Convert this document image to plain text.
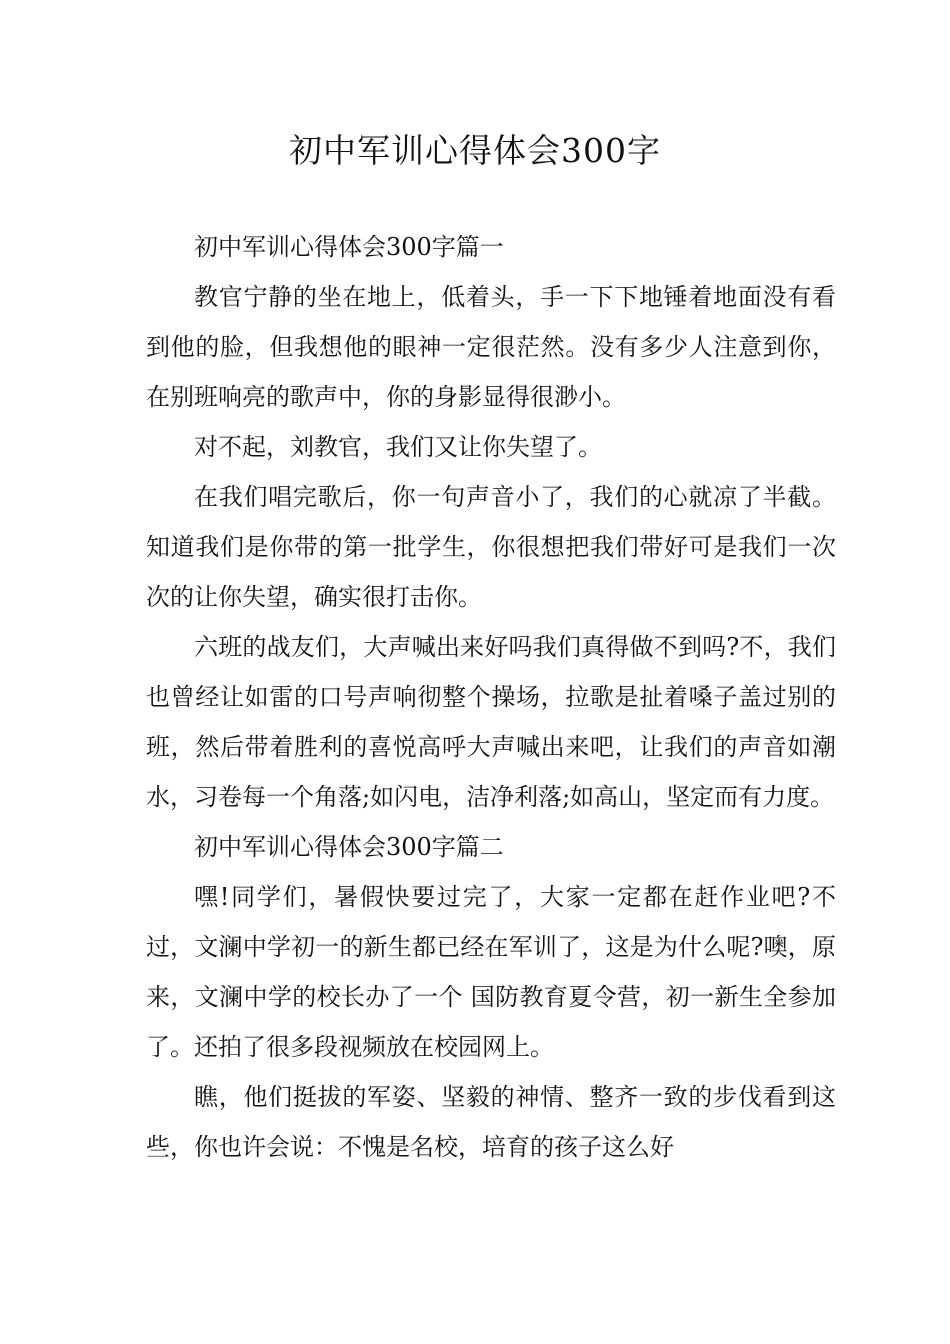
初中军训心得体会300字

初中军训心得体会300字篇一

教官宁静的坐在地上，低着头，手一下下地锤着地面没有看到他的脸，但我想他的眼神一定很茫然。没有多少人注意到你，在别班响亮的歌声中，你的身影显得很渺小。

对不起，刘教官，我们又让你失望了。

在我们唱完歌后，你一句声音小了，我们的心就凉了半截。知道我们是你带的第一批学生，你很想把我们带好可是我们一次次的让你失望，确实很打击你。

六班的战友们，大声喊出来好吗我们真得做不到吗?不，我们也曾经让如雷的口号声响彻整个操场，拉歌是扯着嗓子盖过别的班，然后带着胜利的喜悦高呼大声喊出来吧，让我们的声音如潮水，习卷每一个角落;如闪电，洁净利落;如高山，坚定而有力度。

初中军训心得体会300字篇二

嘿!同学们，暑假快要过完了，大家一定都在赶作业吧?不过，文澜中学初一的新生都已经在军训了，这是为什么呢?噢，原来，文澜中学的校长办了一个 国防教育夏令营，初一新生全参加了。还拍了很多段视频放在校园网上。

瞧，他们挺拔的军姿、坚毅的神情、整齐一致的步伐看到这些，你也许会说：不愧是名校，培育的孩子这么好
